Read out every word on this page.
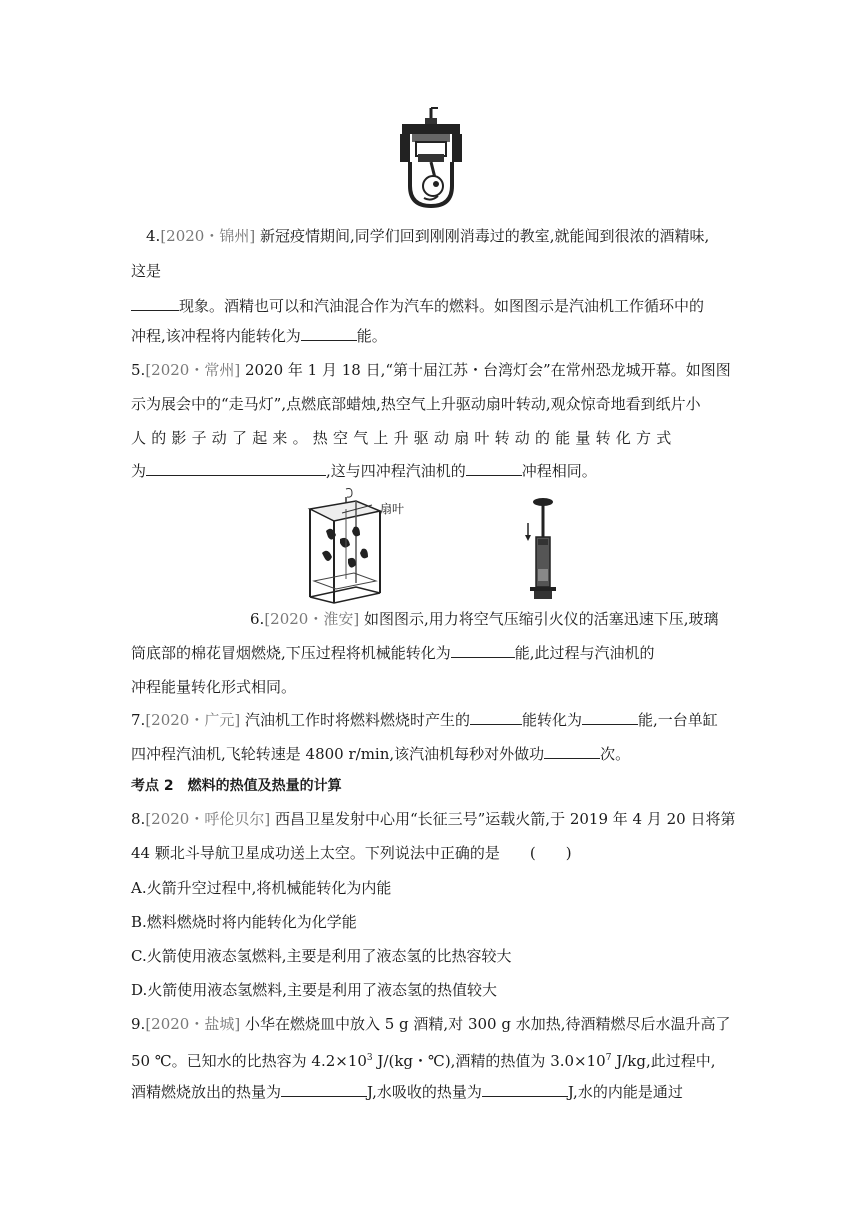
4.[2020・锦州] 新冠疫情期间,同学们回到刚刚消毒过的教室,就能闻到很浓的酒精味,
这是
现象。酒精也可以和汽油混合作为汽车的燃料。如图图示是汽油机工作循环中的
冲程,该冲程将内能转化为	能。
5.[2020・常州] 2020 年 1 月 18 日,“第十届江苏・台湾灯会”在常州恐龙城开幕。如图图
示为展会中的“走马灯”,点燃底部蜡烛,热空气上升驱动扇叶转动,观众惊奇地看到纸片小
人的影子动了起来。热空气上升驱动扇叶转动的能量转化方式
为	,这与四冲程汽油机的	冲程相同。
扇叶
6.[2020・淮安] 如图图示,用力将空气压缩引火仪的活塞迅速下压,玻璃
筒底部的棉花冒烟燃烧,下压过程将机械能转化为	能,此过程与汽油机的
冲程能量转化形式相同。
7.[2020・广元] 汽油机工作时将燃料燃烧时产生的	能转化为	能,一台单缸
四冲程汽油机,飞轮转速是 4800 r/min,该汽油机每秒对外做功	次。
考点 2　燃料的热值及热量的计算
8.[2020・呼伦贝尔] 西昌卫星发射中心用“长征三号”运载火箭,于 2019 年 4 月 20 日将第
44 颗北斗导航卫星成功送上太空。下列说法中正确的是　　(　　)
A.火箭升空过程中,将机械能转化为内能
B.燃料燃烧时将内能转化为化学能
C.火箭使用液态氢燃料,主要是利用了液态氢的比热容较大
D.火箭使用液态氢燃料,主要是利用了液态氢的热值较大
9.[2020・盐城] 小华在燃烧皿中放入 5 g 酒精,对 300 g 水加热,待酒精燃尽后水温升高了
50 ℃。已知水的比热容为 $4.2\times 10^3$ J/(kg・℃),酒精的热值为 $3.0\times 10^7$ J/kg,此过程中,
酒精燃烧放出的热量为	J,水吸收的热量为	J,水的内能是通过
